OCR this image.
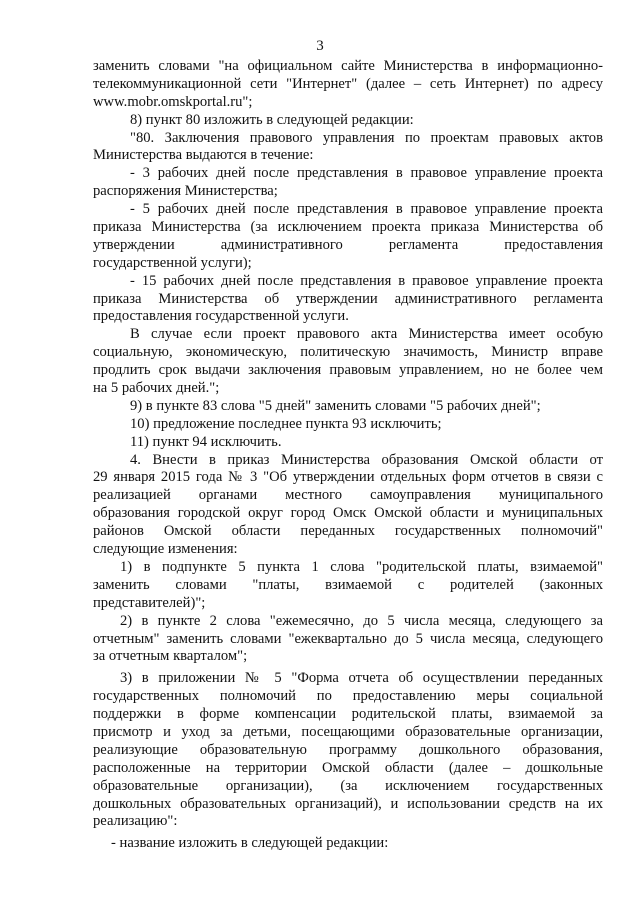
3
заменить словами "на официальном сайте Министерства в информационно-
телекоммуникационной сети "Интернет" (далее – сеть Интернет) по адресу
www.mobr.omskportal.ru";
8) пункт 80 изложить в следующей редакции:
"80. Заключения правового управления по проектам правовых актов
Министерства выдаются в течение:
- 3 рабочих дней после представления в правовое управление проекта
распоряжения Министерства;
- 5 рабочих дней после представления в правовое управление проекта
приказа Министерства (за исключением проекта приказа Министерства об
утверждении административного регламента предоставления
государственной услуги);
- 15 рабочих дней после представления в правовое управление проекта
приказа Министерства об утверждении административного регламента
предоставления государственной услуги.
В случае если проект правового акта Министерства имеет особую
социальную, экономическую, политическую значимость, Министр вправе
продлить срок выдачи заключения правовым управлением, но не более чем
на 5 рабочих дней.";
9) в пункте 83 слова "5 дней" заменить словами "5 рабочих дней";
10) предложение последнее пункта 93 исключить;
11) пункт 94 исключить.
4. Внести в приказ Министерства образования Омской области от
29 января 2015 года № 3 "Об утверждении отдельных форм отчетов в связи с
реализацией органами местного самоуправления муниципального
образования городской округ город Омск Омской области и муниципальных
районов Омской области переданных государственных полномочий"
следующие изменения:
1) в подпункте 5 пункта 1 слова "родительской платы, взимаемой"
заменить словами "платы, взимаемой с родителей (законных
представителей)";
2) в пункте 2 слова "ежемесячно, до 5 числа месяца, следующего за
отчетным" заменить словами "ежеквартально до 5 числа месяца, следующего
за отчетным кварталом";
3) в приложении № 5 "Форма отчета об осуществлении переданных
государственных полномочий по предоставлению меры социальной
поддержки в форме компенсации родительской платы, взимаемой за
присмотр и уход за детьми, посещающими образовательные организации,
реализующие образовательную программу дошкольного образования,
расположенные на территории Омской области (далее – дошкольные
образовательные организации), (за исключением государственных
дошкольных образовательных организаций), и использовании средств на их
реализацию":
- название изложить в следующей редакции:
